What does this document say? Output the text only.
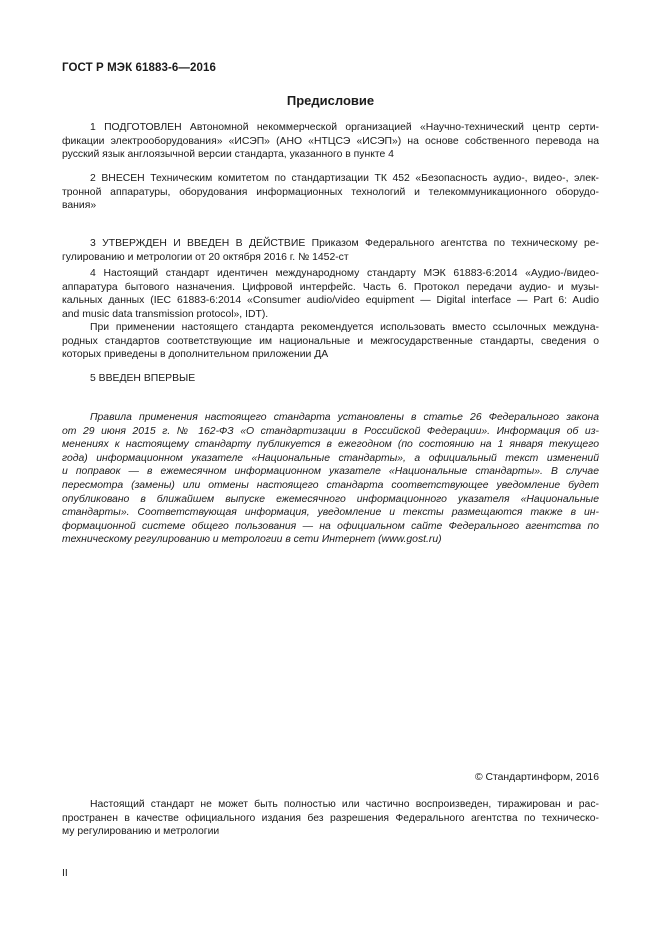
ГОСТ Р МЭК 61883-6—2016
Предисловие
1 ПОДГОТОВЛЕН Автономной некоммерческой организацией «Научно-технический центр серти-
фикации электрооборудования» «ИСЭП» (АНО «НТЦСЭ «ИСЭП») на основе собственного перевода на
русский язык англоязычной версии стандарта, указанного в пункте 4
2 ВНЕСЕН Техническим комитетом по стандартизации ТК 452 «Безопасность аудио-, видео-, элек-
тронной аппаратуры, оборудования информационных технологий и телекоммуникационного оборудо-
вания»
3 УТВЕРЖДЕН И ВВЕДЕН В ДЕЙСТВИЕ Приказом Федерального агентства по техническому ре-
гулированию и метрологии от 20 октября 2016 г. № 1452-ст
4 Настоящий стандарт идентичен международному стандарту МЭК 61883-6:2014 «Аудио-/видео-
аппаратура бытового назначения. Цифровой интерфейс. Часть 6. Протокол передачи аудио- и музы-
кальных данных (IEC 61883-6:2014 «Consumer audio/video equipment — Digital interface — Part 6: Audio
and music data transmission protocol», IDT).
При применении настоящего стандарта рекомендуется использовать вместо ссылочных междуна-
родных стандартов соответствующие им национальные и межгосударственные стандарты, сведения о
которых приведены в дополнительном приложении ДА
5 ВВЕДЕН ВПЕРВЫЕ
Правила применения настоящего стандарта установлены в статье 26 Федерального закона
от 29 июня 2015 г. № 162-ФЗ «О стандартизации в Российской Федерации». Информация об из-
менениях к настоящему стандарту публикуется в ежегодном (по состоянию на 1 января текущего
года) информационном указателе «Национальные стандарты», а официальный текст изменений
и поправок — в ежемесячном информационном указателе «Национальные стандарты». В случае
пересмотра (замены) или отмены настоящего стандарта соответствующее уведомление будет
опубликовано в ближайшем выпуске ежемесячного информационного указателя «Национальные
стандарты». Соответствующая информация, уведомление и тексты размещаются также в ин-
формационной системе общего пользования — на официальном сайте Федерального агентства по
техническому регулированию и метрологии в сети Интернет (www.gost.ru)
© Стандартинформ, 2016
Настоящий стандарт не может быть полностью или частично воспроизведен, тиражирован и рас-
пространен в качестве официального издания без разрешения Федерального агентства по техническо-
му регулированию и метрологии
II
